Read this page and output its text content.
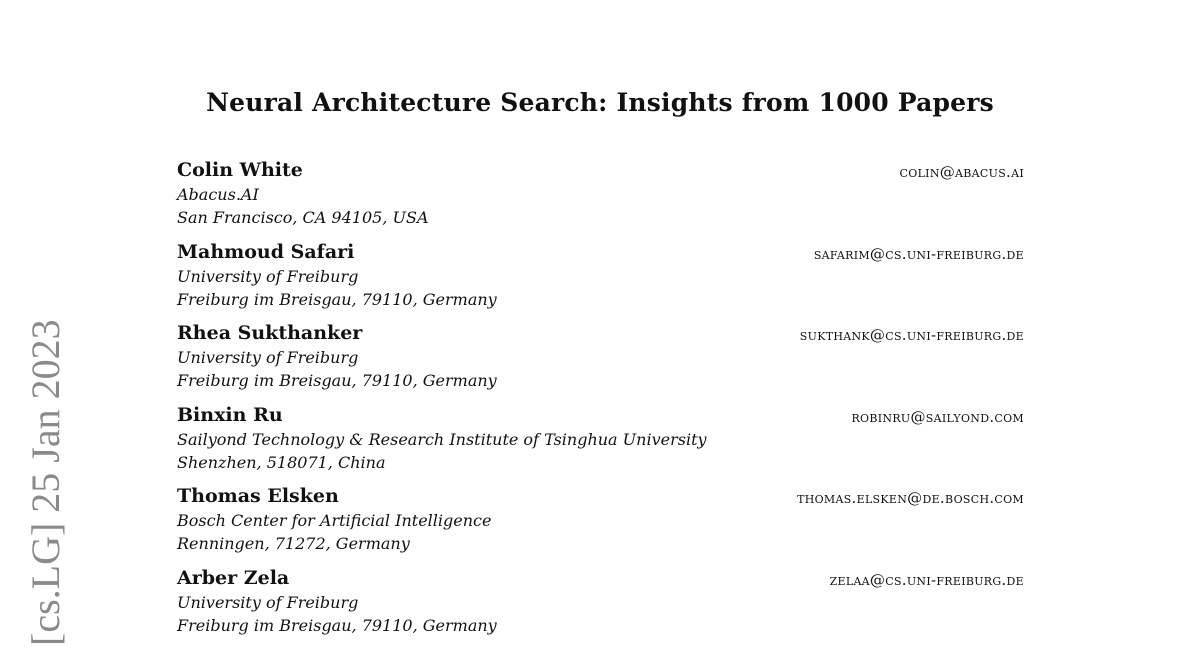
[cs.LG] 25 Jan 2023
Neural Architecture Search: Insights from 1000 Papers
Colin White	colin@abacus.ai
Abacus.AI
San Francisco, CA 94105, USA
Mahmoud Safari	safarim@cs.uni-freiburg.de
University of Freiburg
Freiburg im Breisgau, 79110, Germany
Rhea Sukthanker	sukthank@cs.uni-freiburg.de
University of Freiburg
Freiburg im Breisgau, 79110, Germany
Binxin Ru	robinru@sailyond.com
Sailyond Technology & Research Institute of Tsinghua University
Shenzhen, 518071, China
Thomas Elsken	thomas.elsken@de.bosch.com
Bosch Center for Artificial Intelligence
Renningen, 71272, Germany
Arber Zela	zelaa@cs.uni-freiburg.de
University of Freiburg
Freiburg im Breisgau, 79110, Germany
